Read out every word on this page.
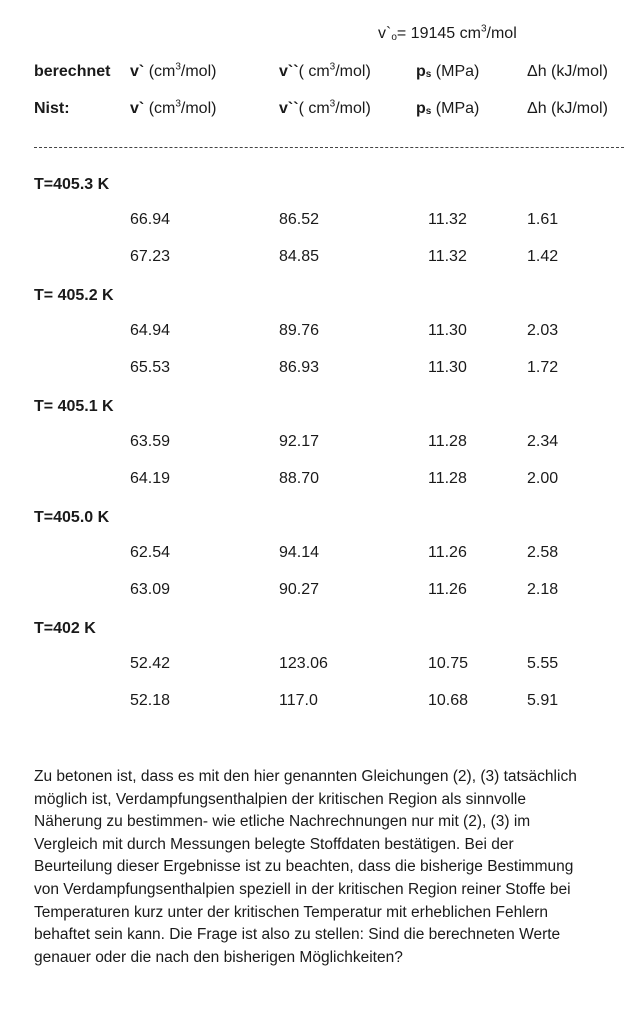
v`o= 19145 $cm^3$/mol
berechnet v` $(cm^3/mol)$	v``( $cm^3/mol$)	ps (MPa)	Δh (kJ/mol)
Nist:	v` $(cm^3/mol)$	v``( $cm^3/mol$)	ps (MPa)	Δh (kJ/mol)
T=405.3 K
66.94	86.52	11.32	1.61
67.23	84.85	11.32	1.42
T= 405.2 K
64.94	89.76	11.30	2.03
65.53	86.93	11.30	1.72
T= 405.1 K
63.59	92.17	11.28	2.34
64.19	88.70	11.28	2.00
T=405.0 K
62.54	94.14	11.26	2.58
63.09	90.27	11.26	2.18
T=402 K
52.42	123.06	10.75	5.55
52.18	117.0	10.68	5.91
Zu betonen ist, dass es mit den hier genannten Gleichungen (2), (3) tatsächlich
möglich ist, Verdampfungsenthalpien der kritischen Region als sinnvolle
Näherung zu bestimmen- wie etliche Nachrechnungen nur mit (2), (3) im
Vergleich mit durch Messungen belegte Stoffdaten bestätigen. Bei der
Beurteilung dieser Ergebnisse ist zu beachten, dass die bisherige Bestimmung
von Verdampfungsenthalpien speziell in der kritischen Region reiner Stoffe bei
Temperaturen kurz unter der kritischen Temperatur mit erheblichen Fehlern
behaftet sein kann. Die Frage ist also zu stellen: Sind die berechneten Werte
genauer oder die nach den bisherigen Möglichkeiten?
